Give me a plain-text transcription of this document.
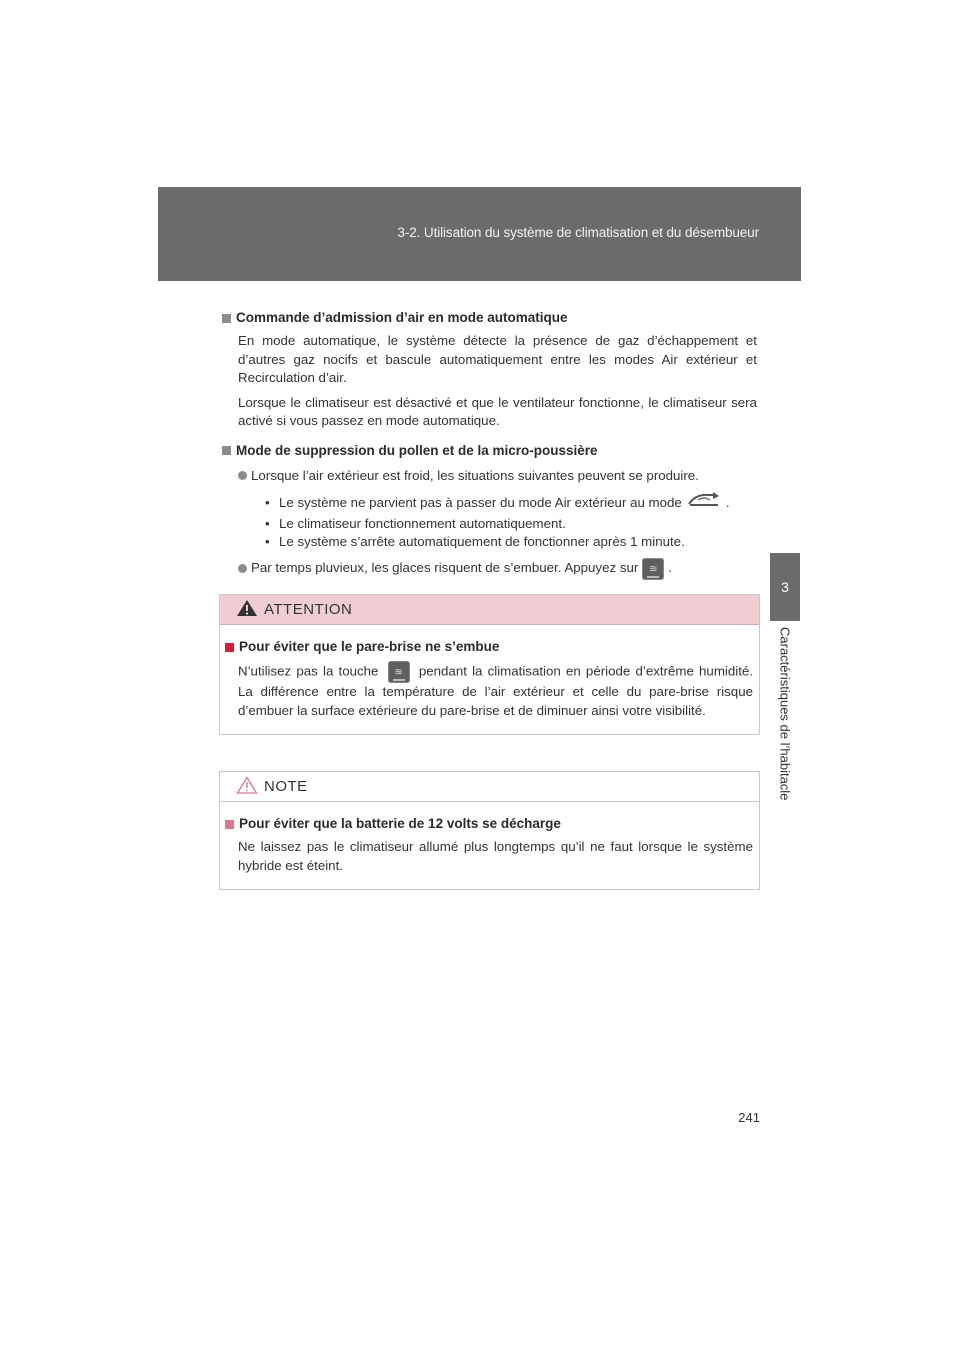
3-2. Utilisation du système de climatisation et du désembueur
3
Caractéristiques de l’habitacle

Commande d’admission d’air en mode automatique

En mode automatique, le système détecte la présence de gaz d’échappement et d’autres gaz nocifs et bascule automatiquement entre les modes Air extérieur et Recirculation d’air.

Lorsque le climatiseur est désactivé et que le ventilateur fonctionne, le climatiseur sera activé si vous passez en mode automatique.

Mode de suppression du pollen et de la micro-poussière

Lorsque l’air extérieur est froid, les situations suivantes peuvent se produire.
• Le système ne parvient pas à passer du mode Air extérieur au mode	.
• Le climatiseur fonctionnement automatiquement.
• Le système s’arrête automatiquement de fonctionner après 1 minute.
Par temps pluvieux, les glaces risquent de s’embuer. Appuyez sur ≋ .
ATTENTION

Pour éviter que le pare-brise ne s’embue

N’utilisez pas la touche ≋ pendant la climatisation en période d’extrême humidité. La différence entre la température de l’air extérieur et celle du pare-brise risque d’embuer la surface extérieure du pare-brise et de diminuer ainsi votre visibilité.

NOTE

Pour éviter que la batterie de 12 volts se décharge

Ne laissez pas le climatiseur allumé plus longtemps qu’il ne faut lorsque le système hybride est éteint.

241
